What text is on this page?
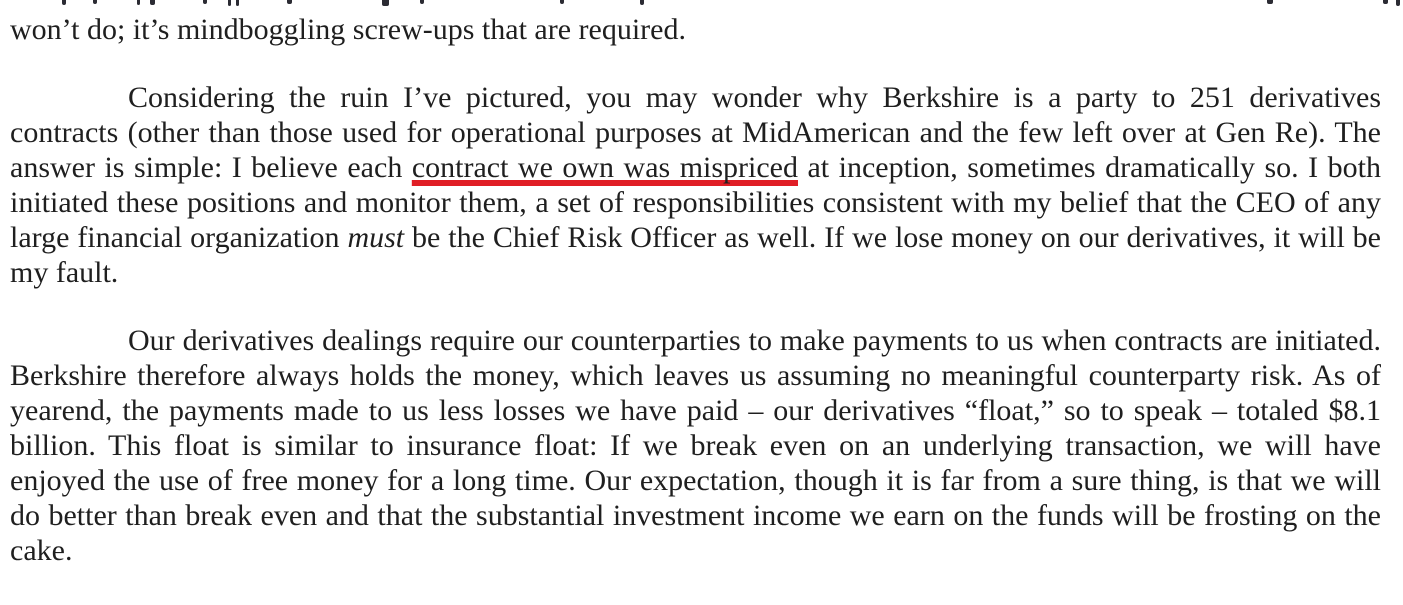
won’t do; it’s mindboggling screw-ups that are required.

Considering the ruin I’ve pictured, you may wonder why Berkshire is a party to 251 derivatives contracts (other than those used for operational purposes at MidAmerican and the few left over at Gen Re). The answer is simple: I believe each contract we own was mispriced at inception, sometimes dramatically so. I both initiated these positions and monitor them, a set of responsibilities consistent with my belief that the CEO of any large financial organization must be the Chief Risk Officer as well. If we lose money on our derivatives, it will be my fault.

Our derivatives dealings require our counterparties to make payments to us when contracts are initiated. Berkshire therefore always holds the money, which leaves us assuming no meaningful counterparty risk. As of yearend, the payments made to us less losses we have paid – our derivatives “float,” so to speak – totaled $8.1 billion. This float is similar to insurance float: If we break even on an underlying transaction, we will have enjoyed the use of free money for a long time. Our expectation, though it is far from a sure thing, is that we will do better than break even and that the substantial investment income we earn on the funds will be frosting on the cake.
